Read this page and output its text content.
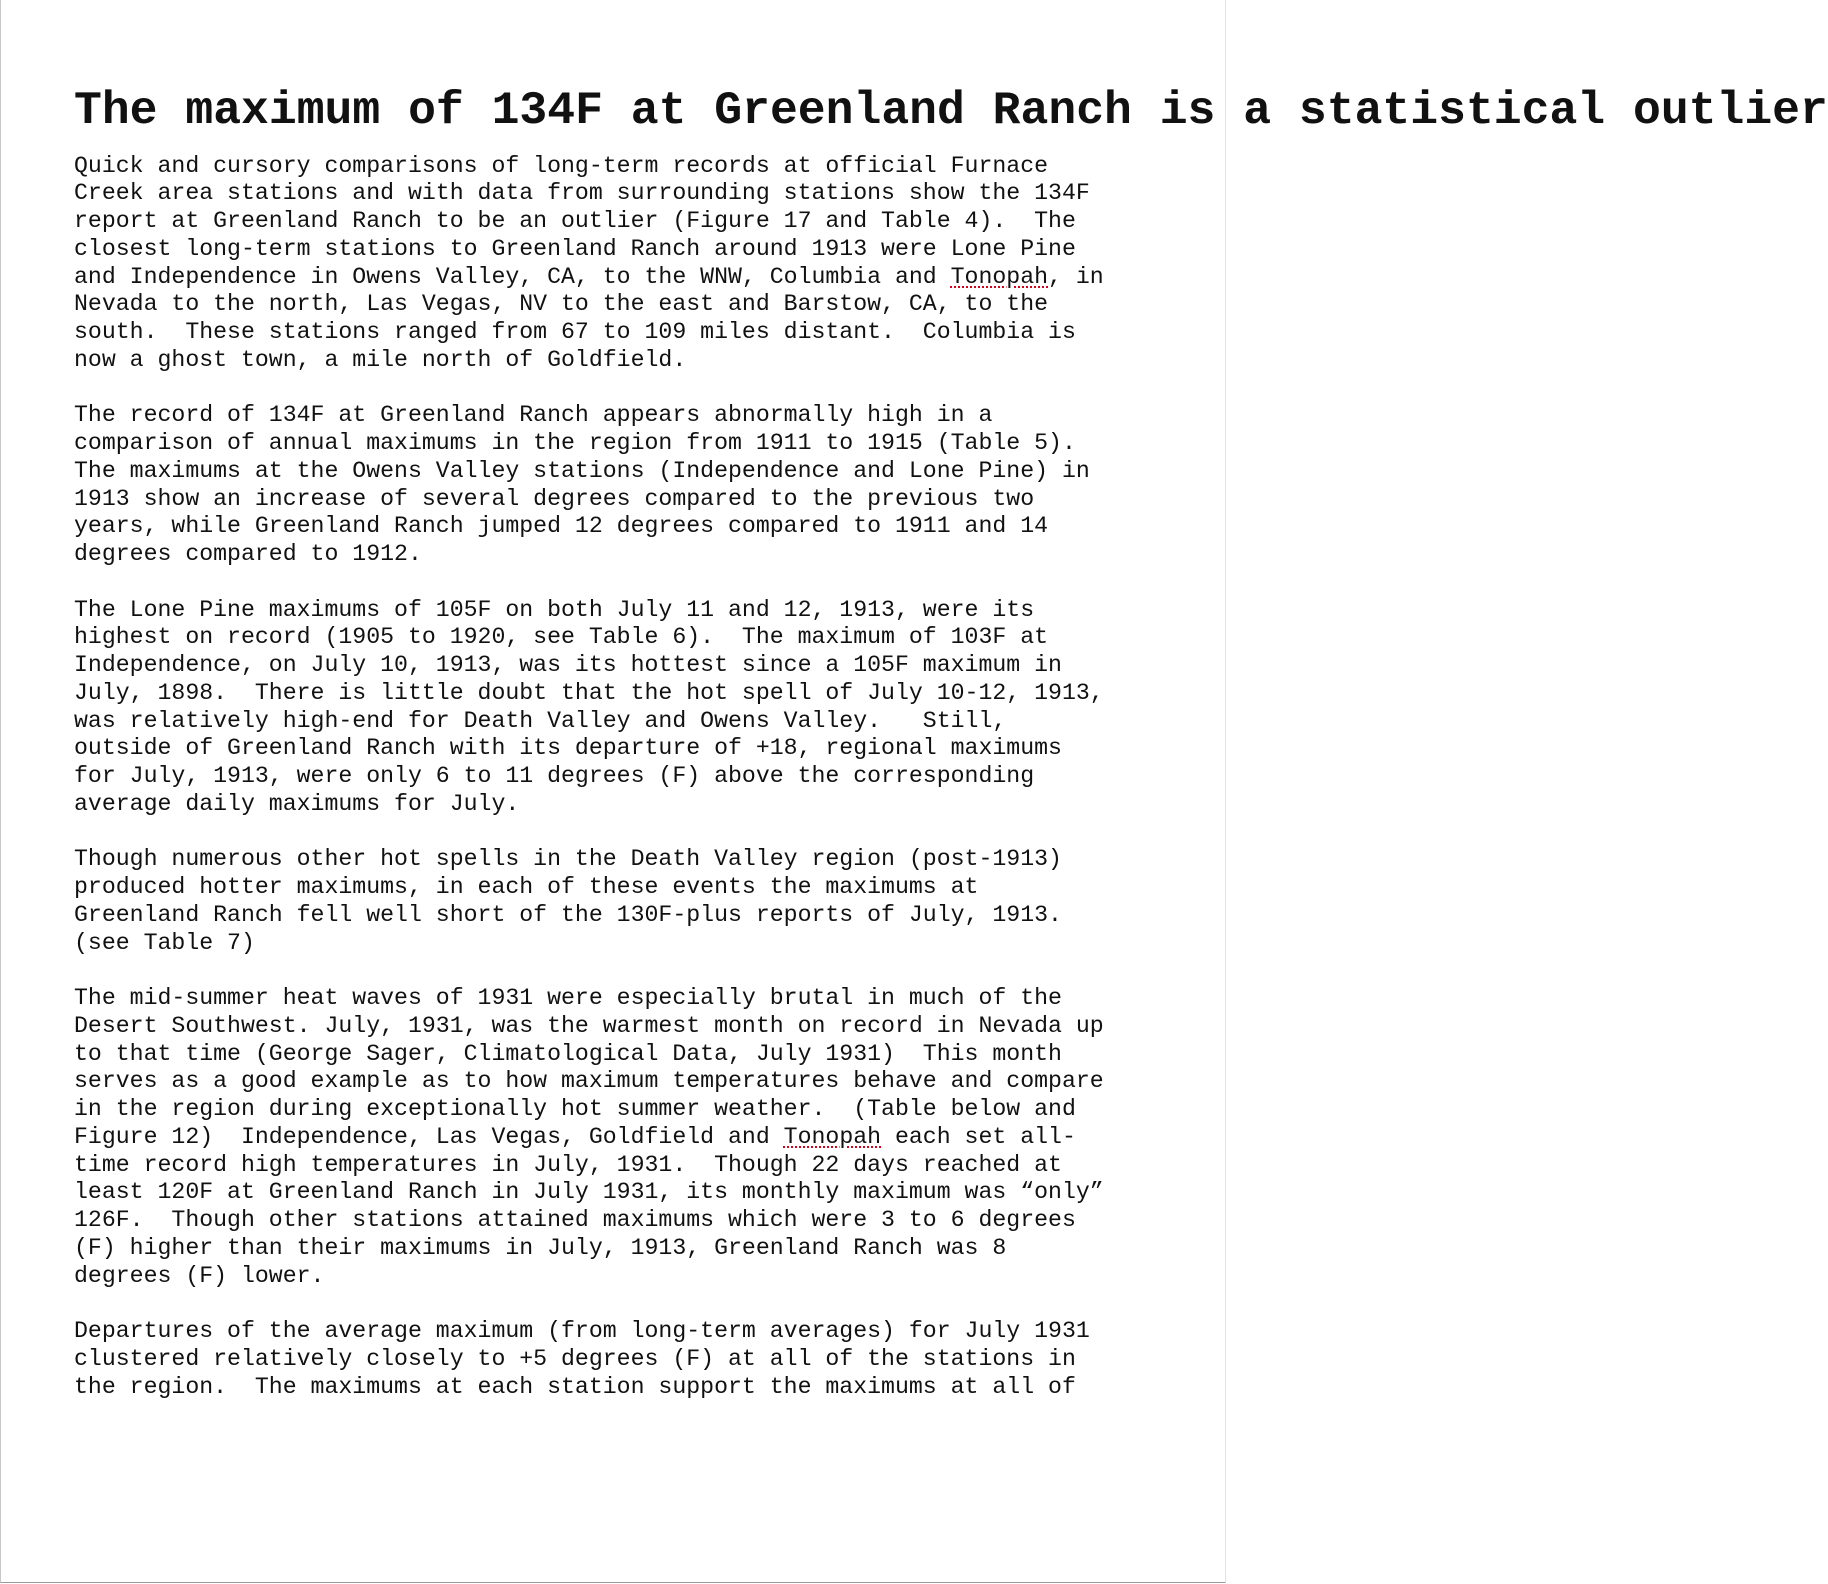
The maximum of 134F at Greenland Ranch is a statistical outlier

Quick and cursory comparisons of long-term records at official Furnace
Creek area stations and with data from surrounding stations show the 134F
report at Greenland Ranch to be an outlier (Figure 17 and Table 4).  The
closest long-term stations to Greenland Ranch around 1913 were Lone Pine
and Independence in Owens Valley, CA, to the WNW, Columbia and Tonopah, in
Nevada to the north, Las Vegas, NV to the east and Barstow, CA, to the
south.  These stations ranged from 67 to 109 miles distant.  Columbia is
now a ghost town, a mile north of Goldfield.

The record of 134F at Greenland Ranch appears abnormally high in a
comparison of annual maximums in the region from 1911 to 1915 (Table 5).
The maximums at the Owens Valley stations (Independence and Lone Pine) in
1913 show an increase of several degrees compared to the previous two
years, while Greenland Ranch jumped 12 degrees compared to 1911 and 14
degrees compared to 1912.

The Lone Pine maximums of 105F on both July 11 and 12, 1913, were its
highest on record (1905 to 1920, see Table 6).  The maximum of 103F at
Independence, on July 10, 1913, was its hottest since a 105F maximum in
July, 1898.  There is little doubt that the hot spell of July 10-12, 1913,
was relatively high-end for Death Valley and Owens Valley.   Still,
outside of Greenland Ranch with its departure of +18, regional maximums
for July, 1913, were only 6 to 11 degrees (F) above the corresponding
average daily maximums for July.

Though numerous other hot spells in the Death Valley region (post-1913)
produced hotter maximums, in each of these events the maximums at
Greenland Ranch fell well short of the 130F-plus reports of July, 1913.
(see Table 7)

The mid-summer heat waves of 1931 were especially brutal in much of the
Desert Southwest. July, 1931, was the warmest month on record in Nevada up
to that time (George Sager, Climatological Data, July 1931)  This month
serves as a good example as to how maximum temperatures behave and compare
in the region during exceptionally hot summer weather.  (Table below and
Figure 12)  Independence, Las Vegas, Goldfield and Tonopah each set all-
time record high temperatures in July, 1931.  Though 22 days reached at
least 120F at Greenland Ranch in July 1931, its monthly maximum was “only”
126F.  Though other stations attained maximums which were 3 to 6 degrees
(F) higher than their maximums in July, 1913, Greenland Ranch was 8
degrees (F) lower.

Departures of the average maximum (from long-term averages) for July 1931
clustered relatively closely to +5 degrees (F) at all of the stations in
the region.  The maximums at each station support the maximums at all of
